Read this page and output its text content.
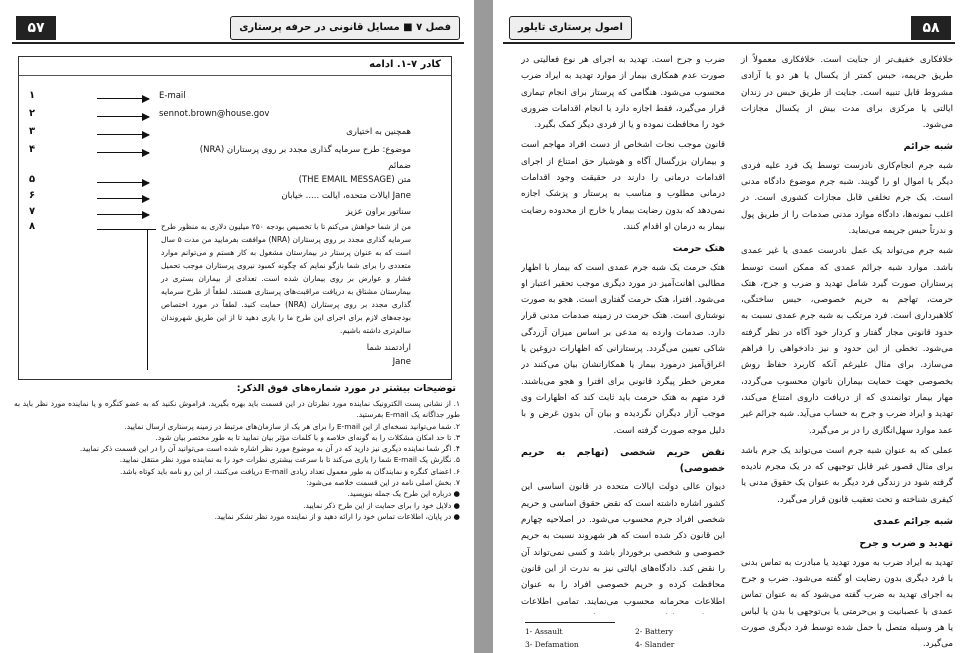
۵۷	فصل ۷ ■ مسایل قانونی در حرفه پرستاری
کادر ۷-۱. ادامه
۱	E-mail
۲	sennot.brown@house.gov
۳	همچنین به اختیاری
۴	موضوع: طرح سرمایه گذاری مجدد بر روی پرستاران (NRA)
ضمائم
۵	متن (THE EMAIL MESSAGE)
۶	Jane ایالات متحده، ایالت ..... خیابان
۷	سناتور براون عزیز
۸	من از شما خواهش می‌کنم تا با تخصیص بودجه ۲۵۰ میلیون دلاری به منظور طرح سرمایه گذاری مجدد بر روی پرستاران (NRA) موافقت بفرمایید من مدت ۵ سال است که به عنوان پرستار در بیمارستان مشغول به کار هستم و می‌توانم موارد متعددی را برای شما بازگو نمایم که چگونه کمبود نیروی پرستاران موجب تحمیل فشار و عوارض بر روی بیماران شده است. تعدادی از بیماران بستری در بیمارستان مشتاق به دریافت مراقبت‌های پرستاری هستند. لطفاً از طرح سرمایه گذاری مجدد بر روی پرستاران (NRA) حمایت کنید. لطفاً در مورد اختصاص بودجه‌های لازم برای اجرای این طرح ما را یاری دهید تا از این طریق شهروندان سالم‌تری داشته باشیم.
ارادتمند شما
Jane
توضیحات بیشتر در مورد شماره‌های فوق الذکر:

۱. از نشانی پست الکترونیک نماینده مورد نظرتان در این قسمت باید بهره بگیرید. فراموش نکنید که به عضو کنگره و یا نماینده مورد نظر باید به طور جداگانه یک E-mail بفرستید.

۲. شما می‌توانید نسخه‌ای از این E-mail را برای هر یک از سازمان‌های مرتبط در زمینه پرستاری ارسال نمایید.

۳. تا حد امکان مشکلات را به گونه‌ای خلاصه و با کلمات مؤثر بیان نمایید تا به طور مختصر بیان شود.

۴. اگر شما نماینده دیگری نیز دارید که در آن به موضوع مورد نظر اشاره شده است می‌توانید آن را در این قسمت ذکر نمایید.

۵. نگارش یک E-mail شما را یاری می‌کند تا با سرعت بیشتری نظرات خود را به نماینده مورد نظر منتقل نمایید.

۶. اعضای کنگره و نمایندگان به طور معمول تعداد زیادی E-mail دریافت می‌کنند، از این رو نامه باید کوتاه باشد.

۷. بخش اصلی نامه در این قسمت خلاصه می‌شود:

● درباره این طرح یک جمله بنویسید.

● دلایل خود را برای حمایت از این طرح ذکر نمایید.

● در پایان، اطلاعات تماس خود را ارائه دهید و از نماینده مورد نظر تشکر نمایید.

۵۸
اصول پرستاری تایلور

خلافکاری خفیف‌تر از جنایت است. خلافکاری معمولاً از طریق جریمه، حبس کمتر از یکسال یا هر دو یا آزادی مشروط قابل تنبیه است. جنایت از طریق حبس در زندان ایالتی یا مرکزی برای مدت بیش از یکسال مجازات می‌شود.

شبه جرائم

شبه جرم انجام‌کاری نادرست توسط یک فرد علیه فردی دیگر یا اموال او را گویند. شبه جرم موضوع دادگاه مدنی است. یک جرم تخلفی قابل مجازات کشوری است. در اغلب نمونه‌ها، دادگاه موارد مدنی صدمات را از طریق پول و ندرتاً حبس جریمه می‌نماید.

شبه جرم می‌تواند یک عمل نادرست عمدی یا غیر عمدی باشد. موارد شبه جرائم عمدی که ممکن است توسط پرستاران صورت گیرد شامل تهدید و ضرب و جرح، هتک حرمت، تهاجم به حریم خصوصی، حبس ساختگی، کلاهبرداری است. فرد مرتکب به شبه جرم عمدی نسبت به حدود قانونی مجاز گفتار و کردار خود آگاه در نظر گرفته می‌شود. تخطی از این حدود و نیز دادخواهی را فراهم می‌سازد. برای مثال علیرغم آنکه کاربرد حفاظ روش بخصوصی جهت حمایت بیماران ناتوان محسوب می‌گردد، مهار بیمار توانمندی که از دریافت داروی امتناع می‌کند، تهدید و ایراد ضرب و جرح به حساب می‌آید. شبه جرائم غیر عمد موارد سهل‌انگاری را در بر می‌گیرد.

عملی که به عنوان شبه جرم است می‌تواند یک جرم باشد برای مثال قصور غیر قابل توجیهی که در یک مجرم نادیده گرفته شود در زندگی فرد دیگر به عنوان یک حقوق مدنی یا کیفری شناخته و تحت تعقیب قانون قرار می‌گیرد.

شبه جرائم عمدی
تهدید و ضرب و جرح

تهدید به ایراد ضرب به مورد تهدید یا مبادرت به تماس بدنی با فرد دیگری بدون رضایت او گفته می‌شود. ضرب و جرح به اجرای تهدید به ضرب گفته می‌شود که به عنوان تماس عمدی با عصبانیت و بی‌حرمتی یا بی‌توجهی با بدن یا لباس یا هر وسیله متصل با حمل شده توسط فرد دیگری صورت می‌گیرد.

ضرب و جرح است. تهدید به اجرای هر نوع فعالیتی در صورت عدم همکاری بیمار از موارد تهدید به ایراد ضرب محسوب می‌شود. هنگامی که پرستار برای انجام تیماری قرار می‌گیرد، فقط اجازه دارد با انجام اقدامات ضروری خود را محافظت نموده و یا از فردی دیگر کمک بگیرد.

قانون موجب نجات اشخاص از دست افراد مهاجم است و بیماران بزرگسال آگاه و هوشیار حق امتناع از اجرای اقدامات درمانی را دارند در حقیقت وجود اقدامات درمانی مطلوب و مناسب به پرستار و پزشک اجازه نمی‌دهد که بدون رضایت بیمار یا خارج از محدوده رضایت بیمار به درمان او اقدام کنند.

هتک حرمت

هتک حرمت یک شبه جرم عمدی است که بیمار با اظهار مطالبی اهانت‌آمیز در مورد دیگری موجب تحقیر اعتبار او می‌شود. افترا، هتک حرمت گفتاری است. هجو به صورت نوشتاری است. هتک حرمت در زمینه صدمات مدنی قرار دارد. صدمات وارده به مدعی بر اساس میزان آزردگی شاکی تعیین می‌گردد. پرستارانی که اظهارات دروغین یا اغراق‌آمیز درمورد بیمار یا همکارانشان بیان می‌کنند در معرض خطر پیگرد قانونی برای افترا و هجو می‌باشند. فرد متهم به هتک حرمت باید ثابت کند که اظهارات وی موجب آزار دیگران نگردیده و بیان آن بدون غرض و با دلیل موجه صورت گرفته است.

نقض حریم شخصی (تهاجم به حریم خصوصی)

دیوان عالی دولت ایالات متحده در قانون اساسی این کشور اشاره داشته است که نقض حقوق اساسی و حریم شخصی افراد جرم محسوب می‌شود. در اصلاحیه چهارم این قانون ذکر شده است که هر شهروند نسبت به حریم خصوصی و شخصی برخوردار باشد و کسی نمی‌تواند آن را نقض کند. دادگاه‌های ایالتی نیز به ندرت از این قانون محافظت کرده و حریم خصوصی افراد را به عنوان اطلاعات محرمانه محسوب می‌نمایند. تمامی اطلاعات

1- Assault	2- Battery
3- Defamation	4- Slander
